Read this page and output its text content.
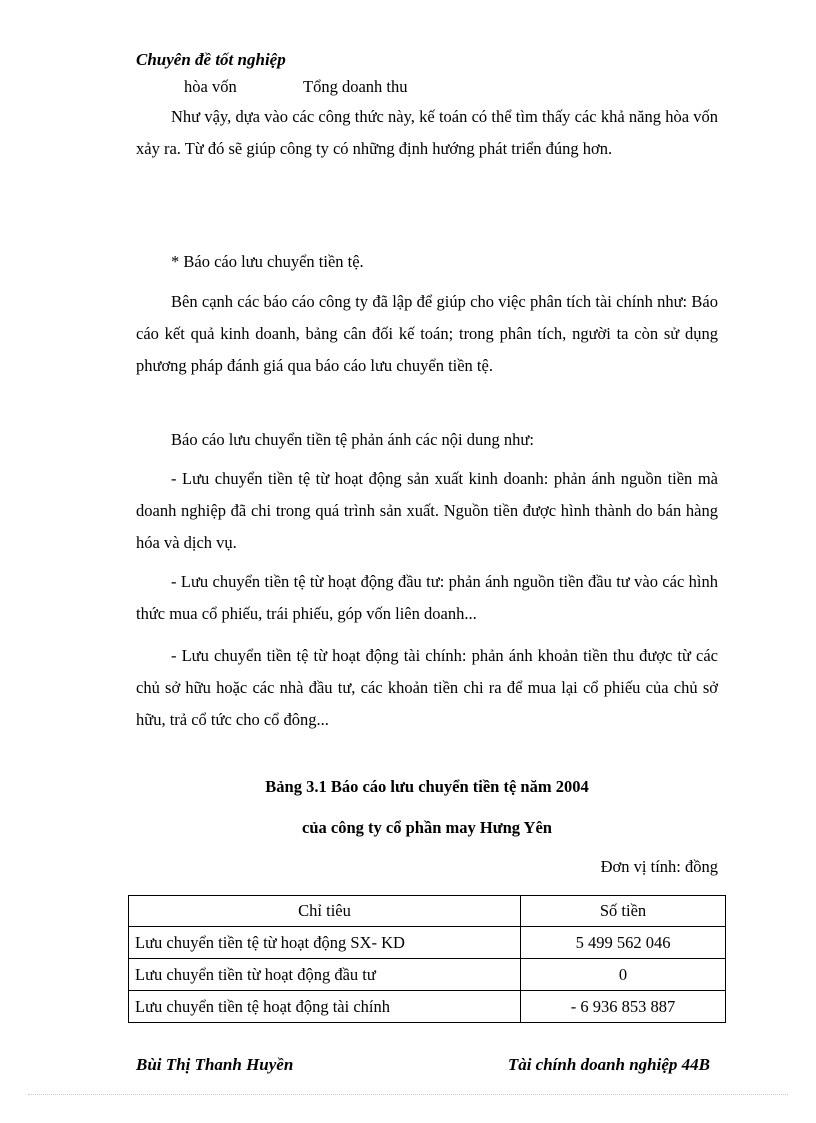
Chuyên đề tốt nghiệp
hòa vốn	Tổng doanh thu

Như vậy, dựa vào các công thức này, kế toán có thể tìm thấy các khả năng hòa vốn xảy ra. Từ đó sẽ giúp công ty có những định hướng phát triển đúng hơn.

* Báo cáo lưu chuyển tiền tệ.

Bên cạnh các báo cáo công ty đã lập để giúp cho việc phân tích tài chính như: Báo cáo kết quả kinh doanh, bảng cân đối kế toán; trong phân tích, người ta còn sử dụng phương pháp đánh giá qua báo cáo lưu chuyển tiền tệ.

Báo cáo lưu chuyển tiền tệ phản ánh các nội dung như:

- Lưu chuyển tiền tệ từ hoạt động sản xuất kinh doanh: phản ánh nguồn tiền mà doanh nghiệp đã chi trong quá trình sản xuất. Nguồn tiền được hình thành do bán hàng hóa và dịch vụ.

- Lưu chuyển tiền tệ từ hoạt động đầu tư: phản ánh nguồn tiền đầu tư vào các hình thức mua cổ phiếu, trái phiếu, góp vốn liên doanh...

- Lưu chuyển tiền tệ từ hoạt động tài chính: phản ánh khoản tiền thu được từ các chủ sở hữu hoặc các nhà đầu tư, các khoản tiền chi ra để mua lại cổ phiếu của chủ sở hữu, trả cổ tức cho cổ đông...

Bảng 3.1 Báo cáo lưu chuyển tiền tệ năm 2004
của công ty cổ phần may Hưng Yên
Đơn vị tính: đồng
Chỉ tiêu	Số tiền
Lưu chuyển tiền tệ từ hoạt động SX- KD	5 499 562 046
Lưu chuyển tiền từ hoạt động đầu tư	0
Lưu chuyển tiền tệ hoạt động tài chính	- 6 936 853 887
Bùi Thị Thanh Huyền	Tài chính doanh nghiệp 44B
